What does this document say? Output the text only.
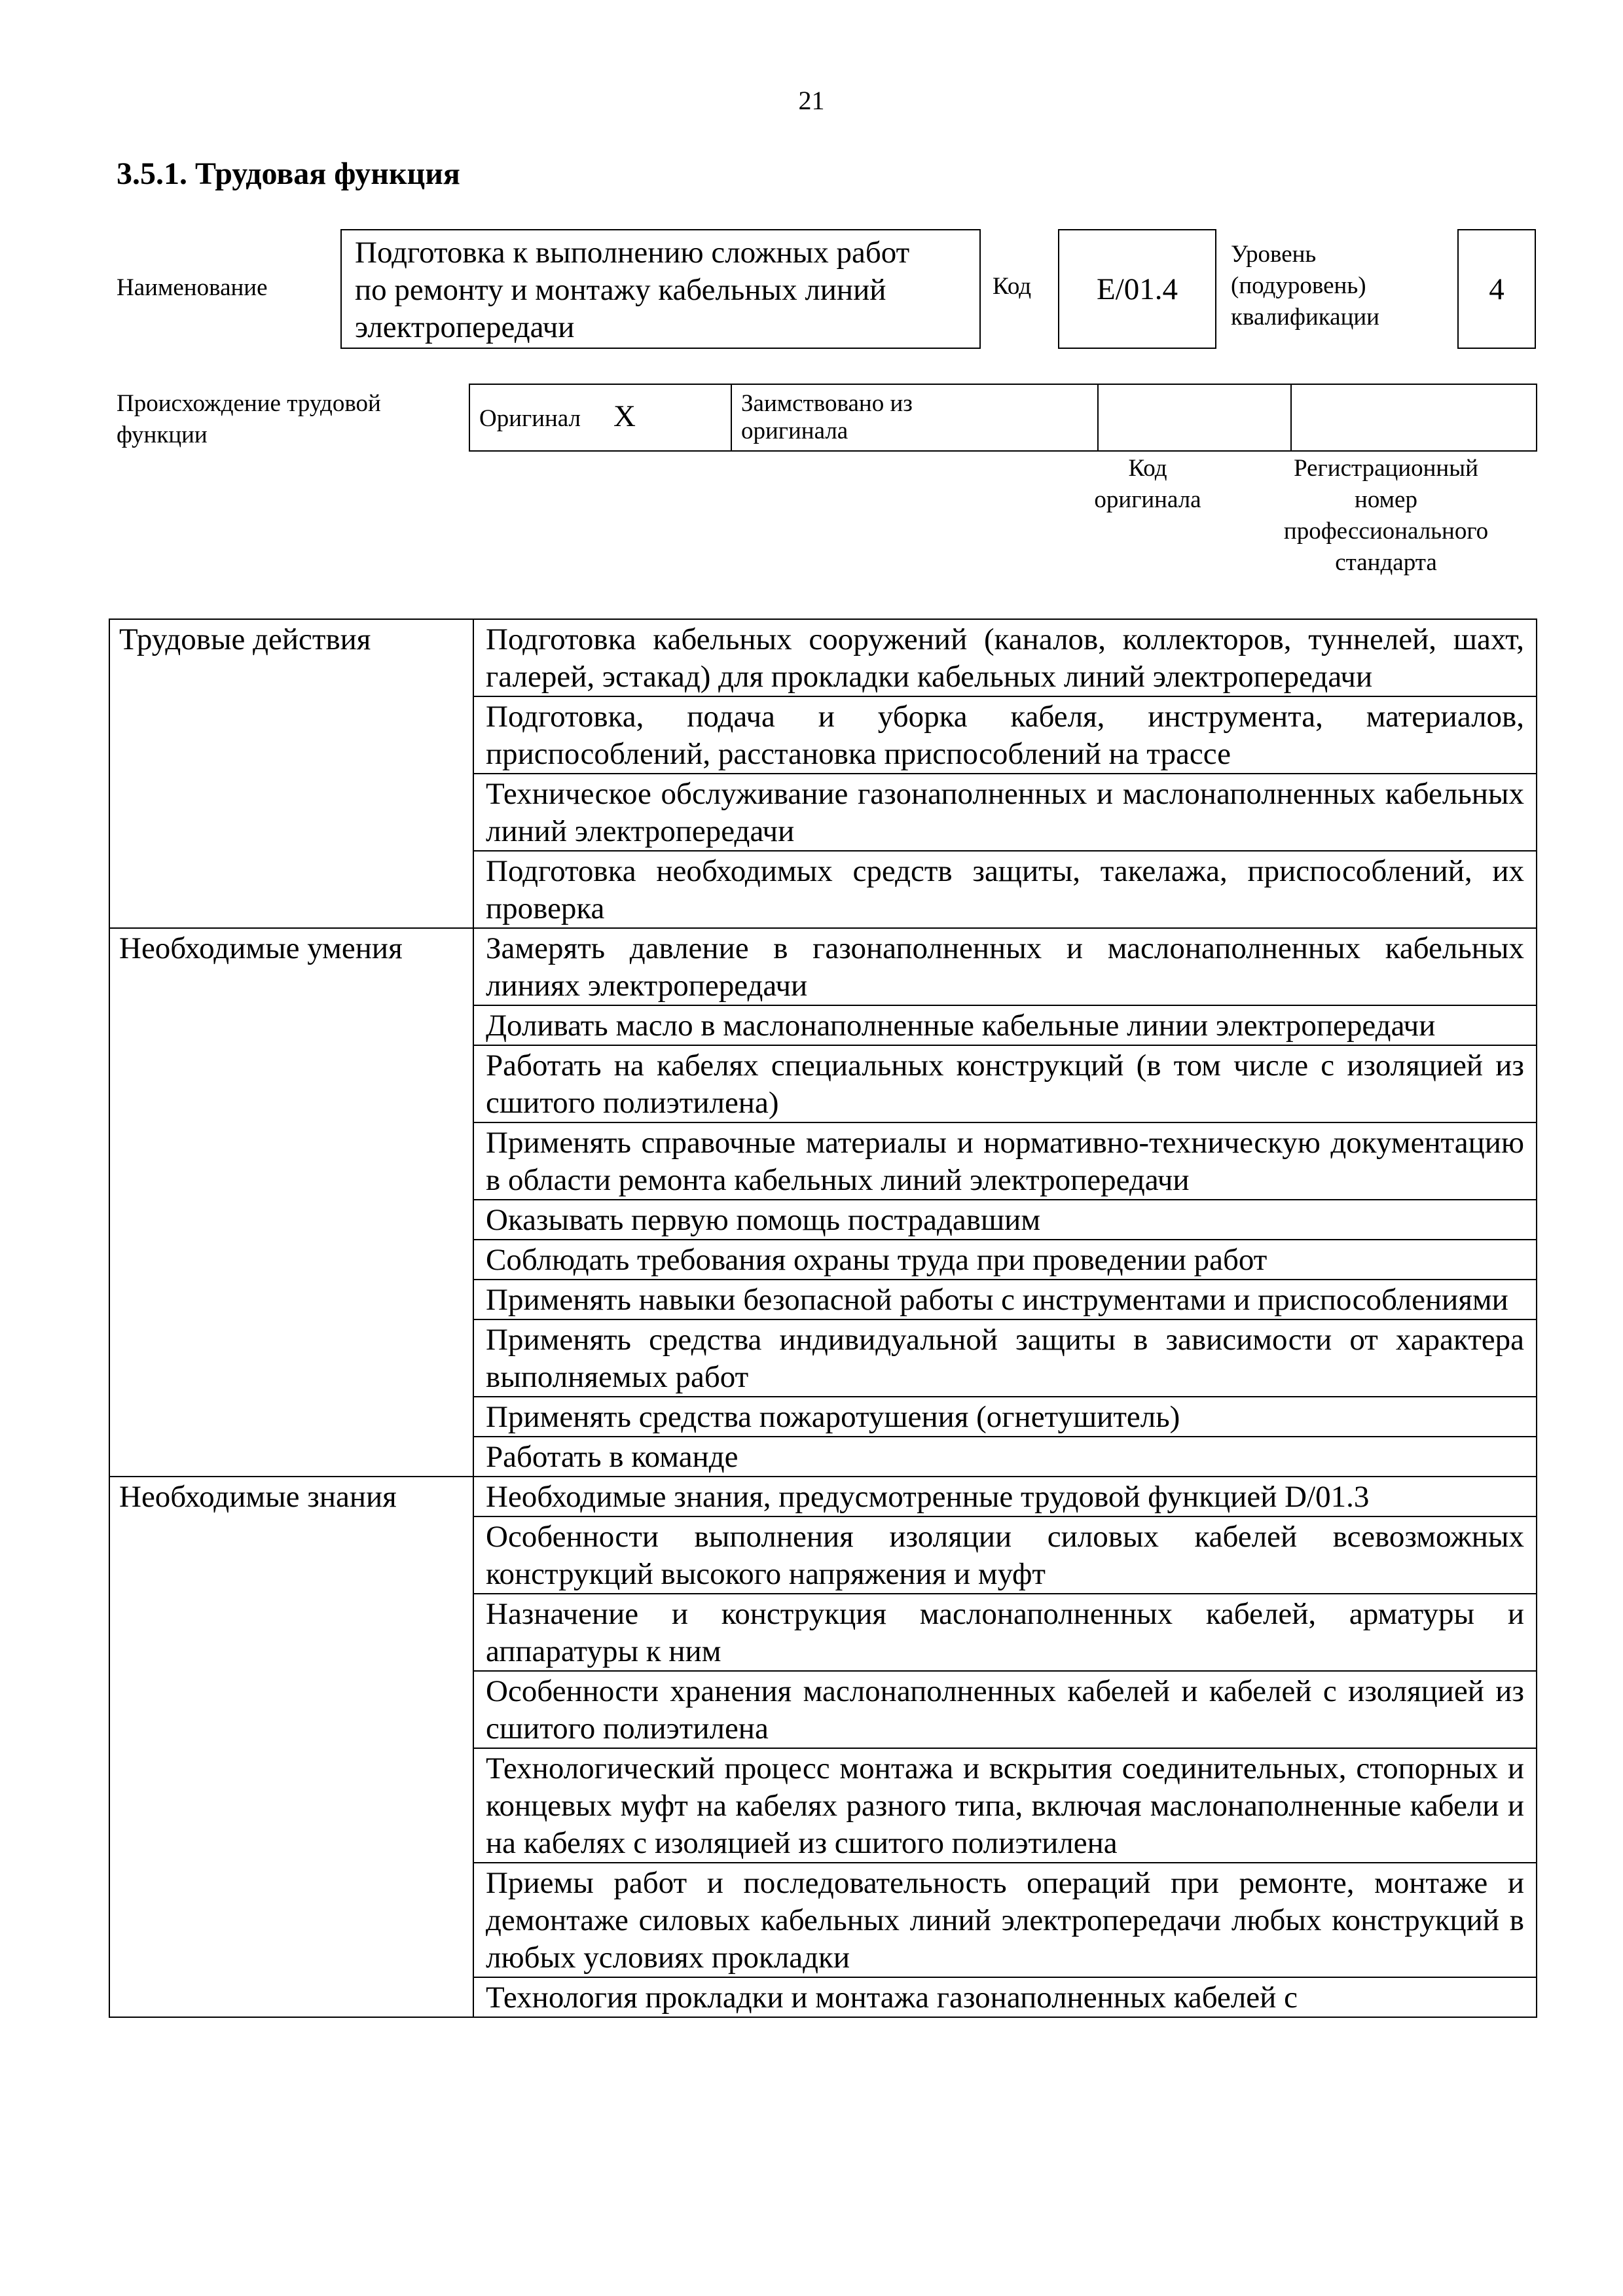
21
3.5.1. Трудовая функция
Наименование
Подготовка к выполнению сложных работ
по ремонту и монтажу кабельных линий
электропередачи
Код	Е/01.4
Уровень
(подуровень)
квалификации
4
Происхождение трудовой
функции
Оригинал X	Заимствовано из
оригинала

Код
оригинала
Регистрационный
номер
профессионального
стандарта
Трудовые действия	Подготовка кабельных сооружений (каналов, коллекторов, туннелей, шахт, галерей, эстакад) для прокладки кабельных линий электропередачи
	Подготовка, подача и уборка кабеля, инструмента, материалов, приспособлений, расстановка приспособлений на трассе
	Техническое обслуживание газонаполненных и маслонаполненных кабельных линий электропередачи
	Подготовка необходимых средств защиты, такелажа, приспособлений, их проверка
Необходимые умения	Замерять давление в газонаполненных и маслонаполненных кабельных линиях электропередачи
	Доливать масло в маслонаполненные кабельные линии электропередачи
	Работать на кабелях специальных конструкций (в том числе с изоляцией из сшитого полиэтилена)
	Применять справочные материалы и нормативно-техническую документацию в области ремонта кабельных линий электропередачи
	Оказывать первую помощь пострадавшим
	Соблюдать требования охраны труда при проведении работ
	Применять навыки безопасной работы с инструментами и приспособлениями
	Применять средства индивидуальной защиты в зависимости от характера выполняемых работ
	Применять средства пожаротушения (огнетушитель)
	Работать в команде
Необходимые знания	Необходимые знания, предусмотренные трудовой функцией D/01.3
	Особенности выполнения изоляции силовых кабелей всевозможных конструкций высокого напряжения и муфт
	Назначение и конструкция маслонаполненных кабелей, арматуры и аппаратуры к ним
	Особенности хранения маслонаполненных кабелей и кабелей с изоляцией из сшитого полиэтилена
	Технологический процесс монтажа и вскрытия соединительных, стопорных и концевых муфт на кабелях разного типа, включая маслонаполненные кабели и на кабелях с изоляцией из сшитого полиэтилена
	Приемы работ и последовательность операций при ремонте, монтаже и демонтаже силовых кабельных линий электропередачи любых конструкций в любых условиях прокладки
	Технология прокладки и монтажа газонаполненных кабелей с
